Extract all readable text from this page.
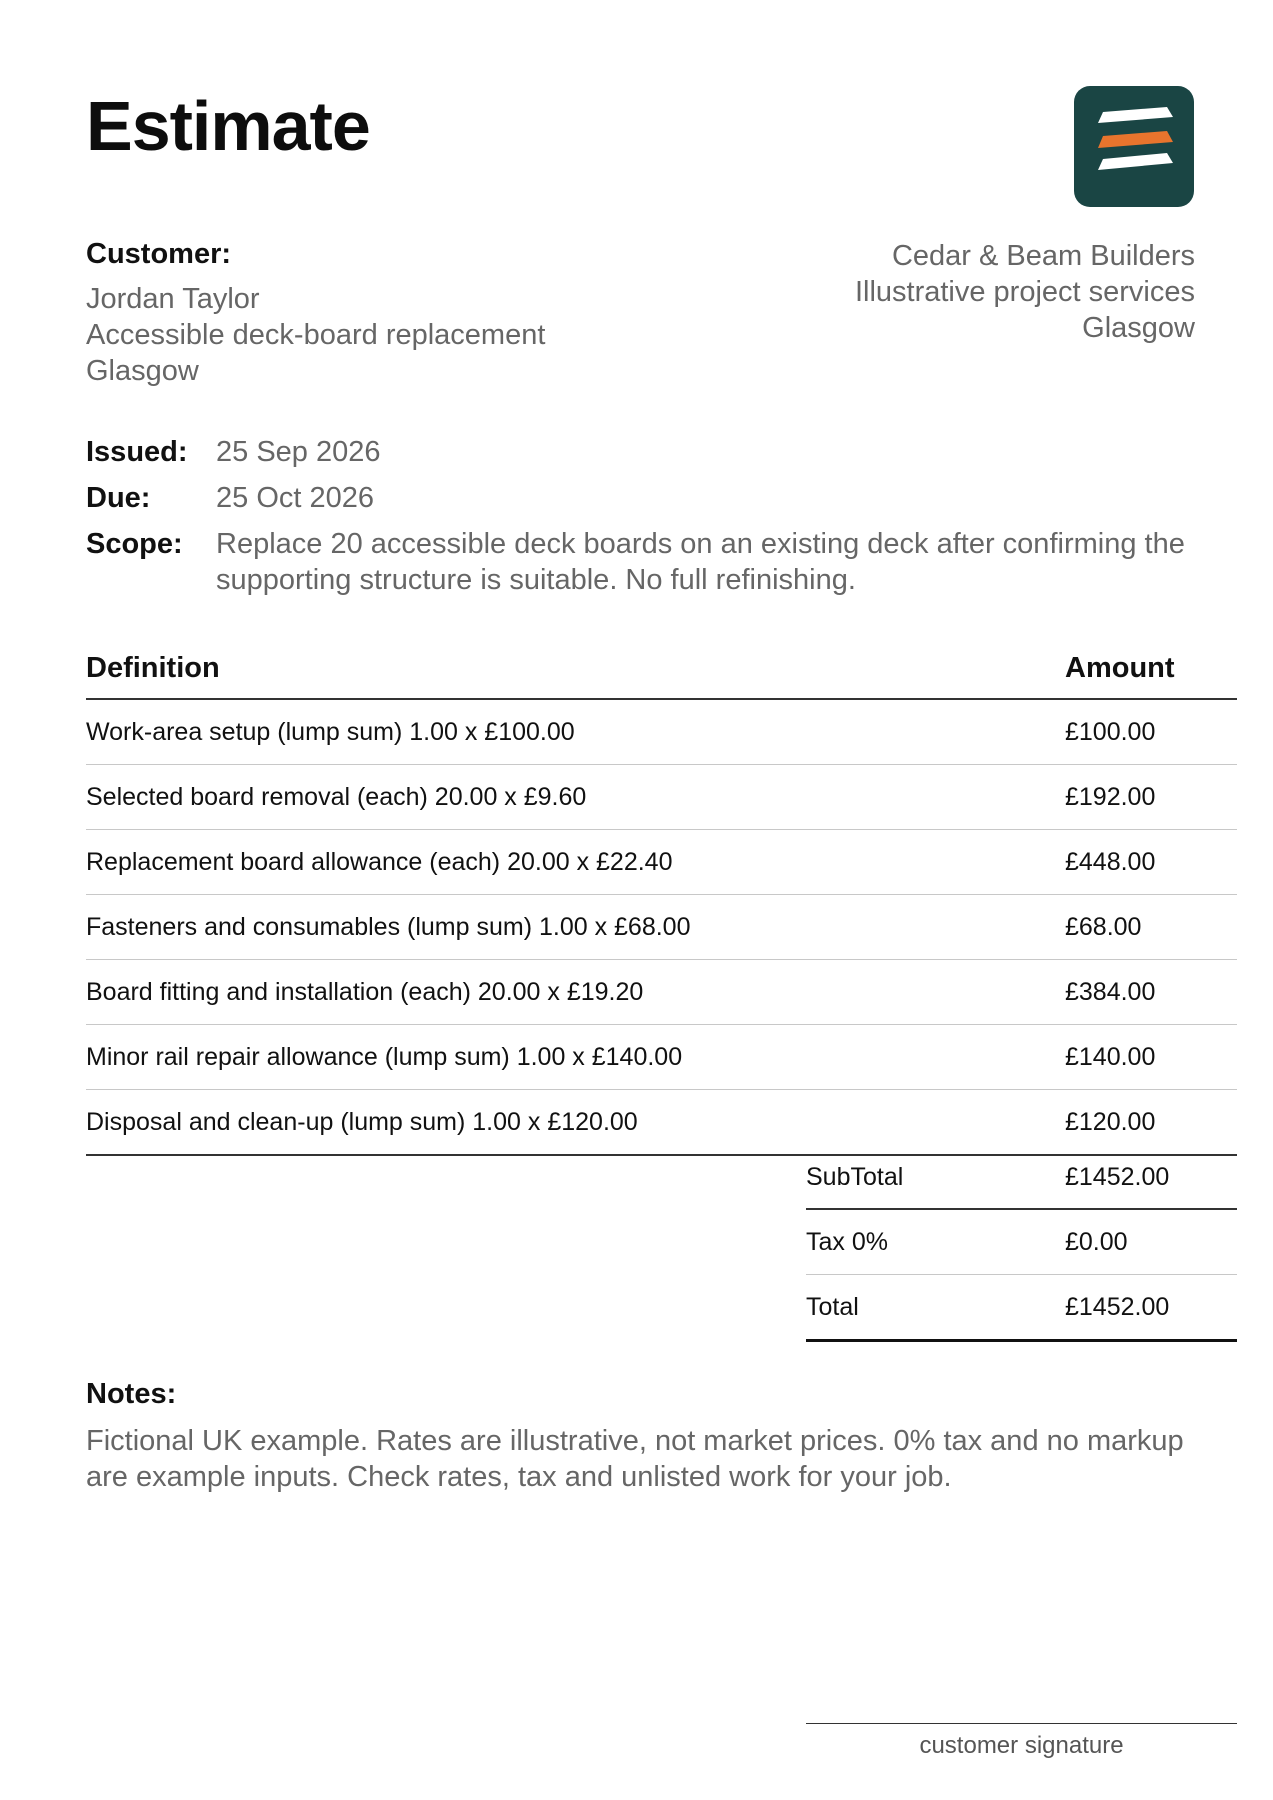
Estimate
Customer:
Jordan Taylor
Accessible deck-board replacement
Glasgow
Cedar & Beam Builders
Illustrative project services
Glasgow
Issued: 25 Sep 2026
Due:	25 Oct 2026
Scope:	Replace 20 accessible deck boards on an existing deck after confirming the supporting structure is suitable. No full refinishing.
Definition	Amount
Work-area setup (lump sum) 1.00 x £100.00	£100.00
Selected board removal (each) 20.00 x £9.60	£192.00
Replacement board allowance (each) 20.00 x £22.40	£448.00
Fasteners and consumables (lump sum) 1.00 x £68.00	£68.00
Board fitting and installation (each) 20.00 x £19.20	£384.00
Minor rail repair allowance (lump sum) 1.00 x £140.00	£140.00
Disposal and clean-up (lump sum) 1.00 x £120.00	£120.00
SubTotal	£1452.00
Tax 0%	£0.00
Total	£1452.00
Notes:
Fictional UK example. Rates are illustrative, not market prices. 0% tax and no markup are example inputs. Check rates, tax and unlisted work for your job.
customer signature
